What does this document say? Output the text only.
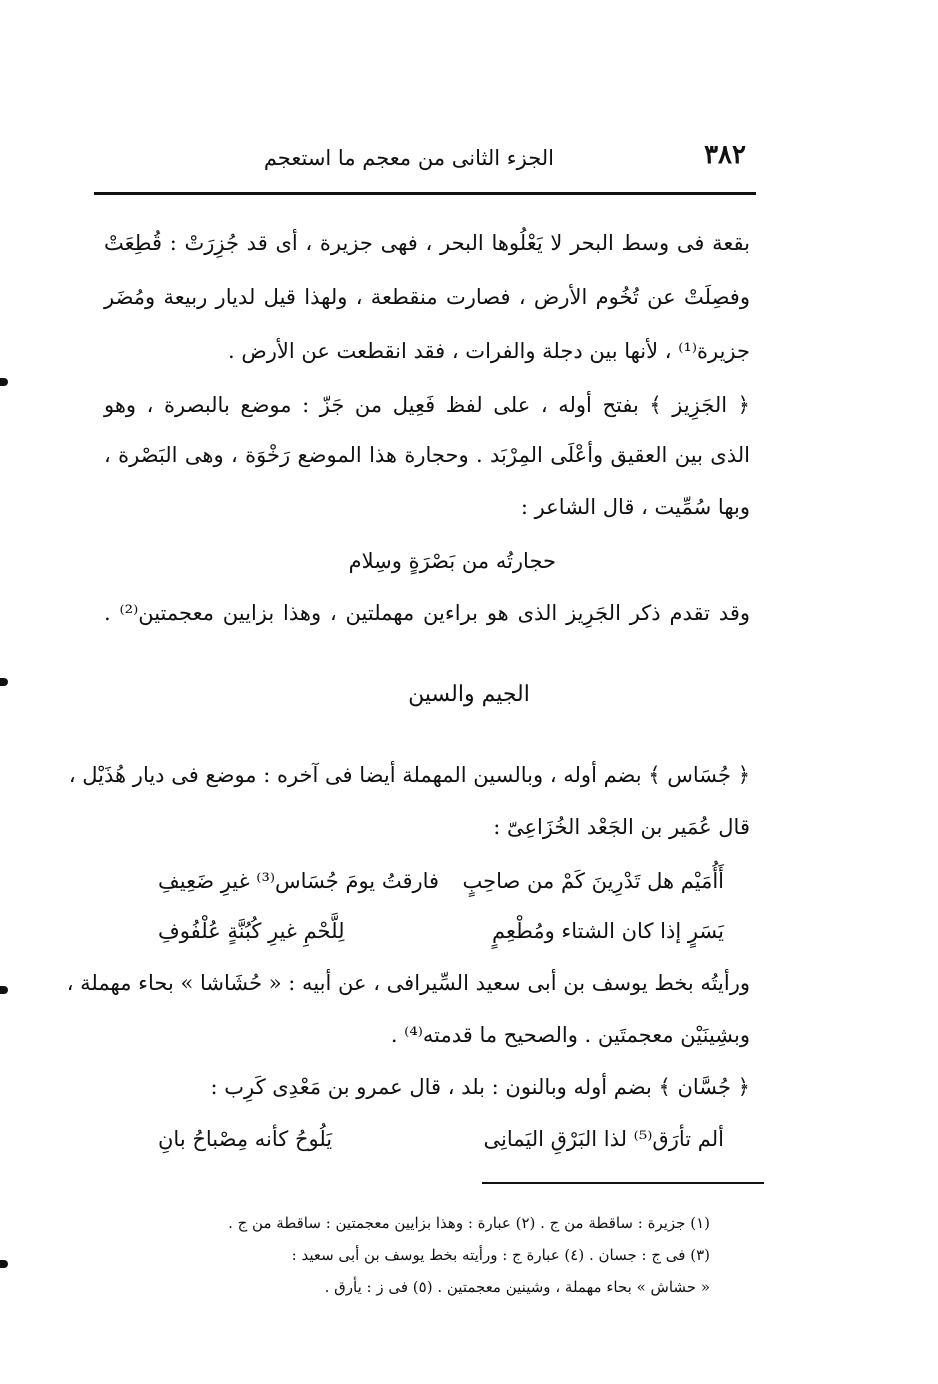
٣٨٢
الجزء الثانى من معجم ما استعجم
بقعة فى وسط البحر لا يَعْلُوها البحر ، فهى جزيرة ، أى قد جُزِرَتْ : قُطِعَتْ
وفصِلَتْ عن تُخُوم الأرض ، فصارت منقطعة ، ولهذا قيل لديار ربيعة ومُضَر
جزيرة⁽¹⁾ ، لأنها بين دجلة والفرات ، فقد انقطعت عن الأرض .
﴿ الجَزِيز ﴾ بفتح أوله ، على لفظ فَعِيل من جَزّ : موضع بالبصرة ، وهو
الذى بين العقيق وأعْلَى المِرْبَد . وحجارة هذا الموضع رَخْوَة ، وهى البَصْرة ،
وبها سُمِّيت ، قال الشاعر :
حجارتُه من بَصْرَةٍ وسِلام
وقد تقدم ذكر الجَرِيز الذى هو براءين مهملتين ، وهذا بزايين معجمتين⁽²⁾ .
الجيم والسين
﴿ جُسَاس ﴾ بضم أوله ، وبالسين المهملة أيضا فى آخره : موضع فى ديار هُذَيْل ،
قال عُمَير بن الجَعْد الخُزَاعِىّ :
أَأُمَيْم هل تَدْرِينَ كَمْ من صاحِبٍ
فارقتُ يومَ جُسَاس⁽³⁾ غيرِ ضَعِيفِ
يَسَرٍ إذا كان الشتاء ومُطْعِمٍ
لِلَّحْمِ غيرِ كُبُنَّةٍ عُلْفُوفِ
ورأيتُه بخط يوسف بن أبى سعيد السِّيرافى ، عن أبيه : « حُشَاشا » بحاء مهملة ،
وبشِينَيْن معجمتَين . والصحيح ما قدمته⁽⁴⁾ .
﴿ جُسَّان ﴾ بضم أوله وبالنون : بلد ، قال عمرو بن مَعْدِى كَرِب :
ألم تأرَق⁽⁵⁾ لذا البَرْقِ اليَمانِى
يَلُوحُ كأنه مِصْباحُ بانِ
(١) جزيرة : ساقطة من ج . (٢) عبارة : وهذا بزايين معجمتين : ساقطة من ج .
(٣) فى ج : جسان . (٤) عبارة ج : ورأيته بخط يوسف بن أبى سعيد :
« حشاش » بحاء مهملة ، وشينين معجمتين . (٥) فى ز : يأرق .
